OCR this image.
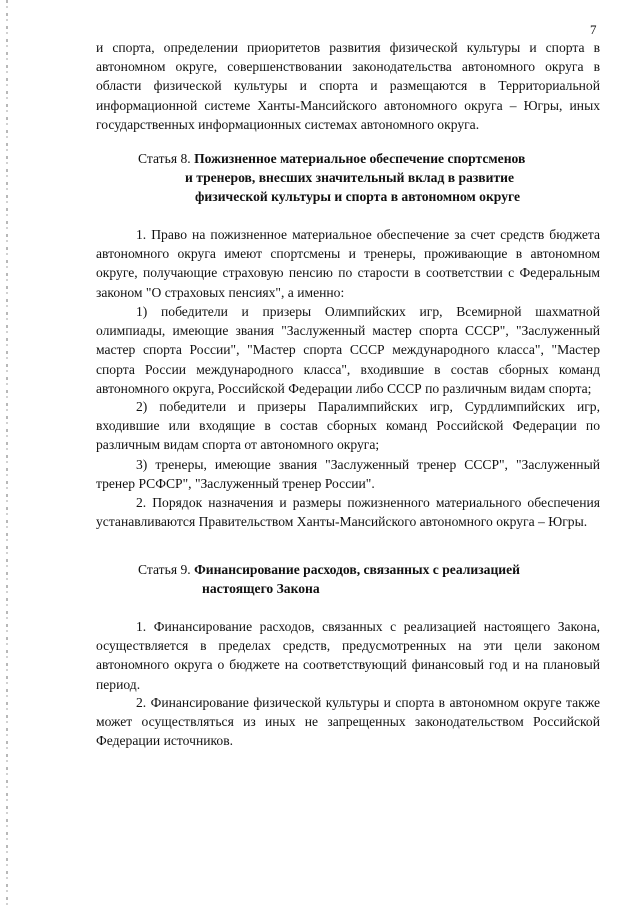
7

и спорта, определении приоритетов развития физической культуры и спорта в автономном округе, совершенствовании законодательства автономного округа в области физической культуры и спорта и размещаются в Территориальной информационной системе Ханты-Мансийского автономного округа – Югры, иных государственных информационных системах автономного округа.

Статья 8. Пожизненное материальное обеспечение спортсменов
и тренеров, внесших значительный вклад в развитие
физической культуры и спорта в автономном округе

1. Право на пожизненное материальное обеспечение за счет средств бюджета автономного округа имеют спортсмены и тренеры, проживающие в автономном округе, получающие страховую пенсию по старости в соответствии с Федеральным законом "О страховых пенсиях", а именно:

1) победители и призеры Олимпийских игр, Всемирной шахматной олимпиады, имеющие звания "Заслуженный мастер спорта СССР", "Заслуженный мастер спорта России", "Мастер спорта СССР международного класса", "Мастер спорта России международного класса", входившие в состав сборных команд автономного округа, Российской Федерации либо СССР по различным видам спорта;

2) победители и призеры Паралимпийских игр, Сурдлимпийских игр, входившие или входящие в состав сборных команд Российской Федерации по различным видам спорта от автономного округа;

3) тренеры, имеющие звания "Заслуженный тренер СССР", "Заслуженный тренер РСФСР", "Заслуженный тренер России".

2. Порядок назначения и размеры пожизненного материального обеспечения устанавливаются Правительством Ханты-Мансийского автономного округа – Югры.

Статья 9. Финансирование расходов, связанных с реализацией
настоящего Закона

1. Финансирование расходов, связанных с реализацией настоящего Закона, осуществляется в пределах средств, предусмотренных на эти цели законом автономного округа о бюджете на соответствующий финансовый год и на плановый период.

2. Финансирование физической культуры и спорта в автономном округе также может осуществляться из иных не запрещенных законодательством Российской Федерации источников.
